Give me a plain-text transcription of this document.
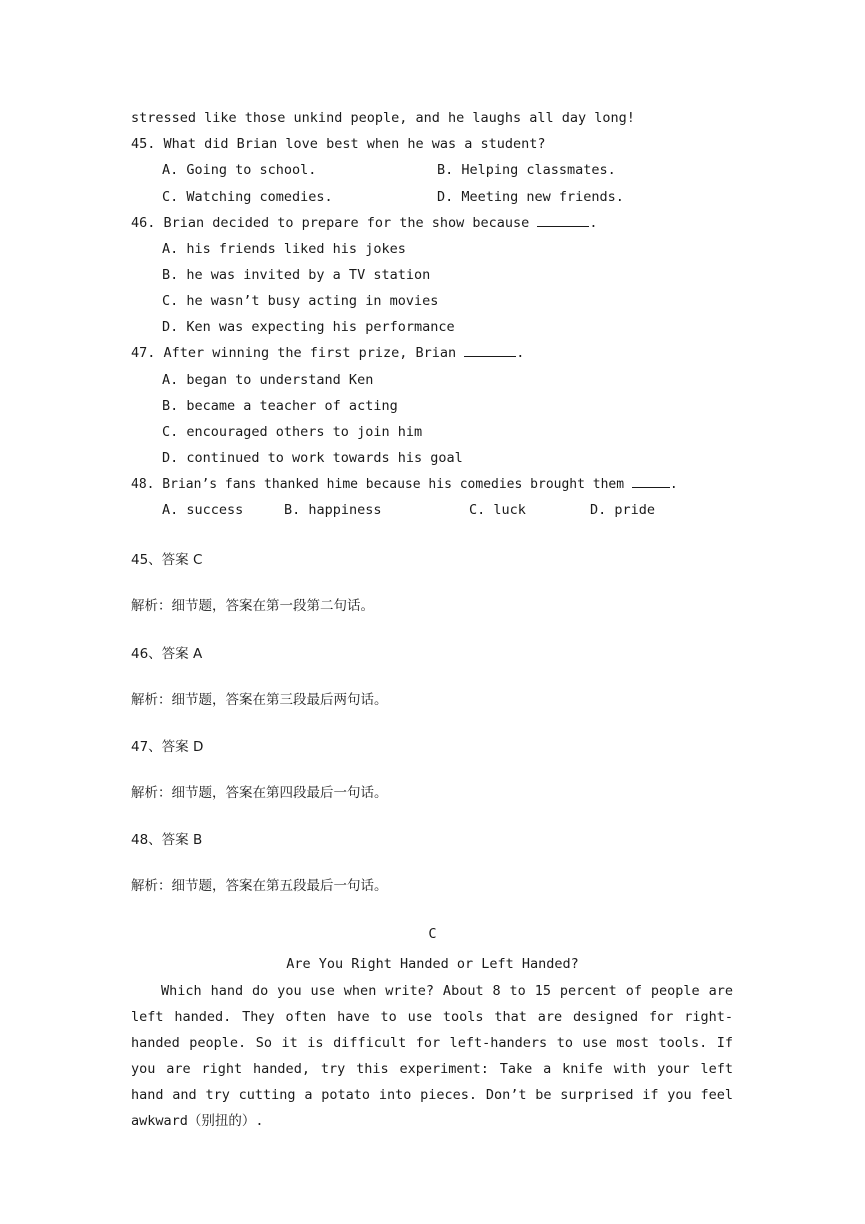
stressed like those unkind people, and he laughs all day long!
45. What did Brian love best when he was a student?
A. Going to school.	B. Helping classmates.
C. Watching comedies.	D. Meeting new friends.
46. Brian decided to prepare for the show because	.
A. his friends liked his jokes
B. he was invited by a TV station
C. he wasn’t busy acting in movies
D. Ken was expecting his performance
47. After winning the first prize, Brian	.
A. began to understand Ken
B. became a teacher of acting
C. encouraged others to join him
D. continued to work towards his goal
48. Brian’s fans thanked hime because his comedies brought them	.
A. success	B. happiness	C. luck	D. pride
45、答案 C
解析：细节题，答案在第一段第二句话。
46、答案 A
解析：细节题，答案在第三段最后两句话。
47、答案 D
解析：细节题，答案在第四段最后一句话。
48、答案 B
解析：细节题，答案在第五段最后一句话。
C
Are You Right Handed or Left Handed?

Which hand do you use when write? About 8 to 15 percent of people are left handed. They often have to use tools that are designed for right-handed people. So it is difficult for left-handers to use most tools. If you are right handed, try this experiment: Take a knife with your left hand and try cutting a potato into pieces. Don’t be surprised if you feel awkward（别扭的）.
